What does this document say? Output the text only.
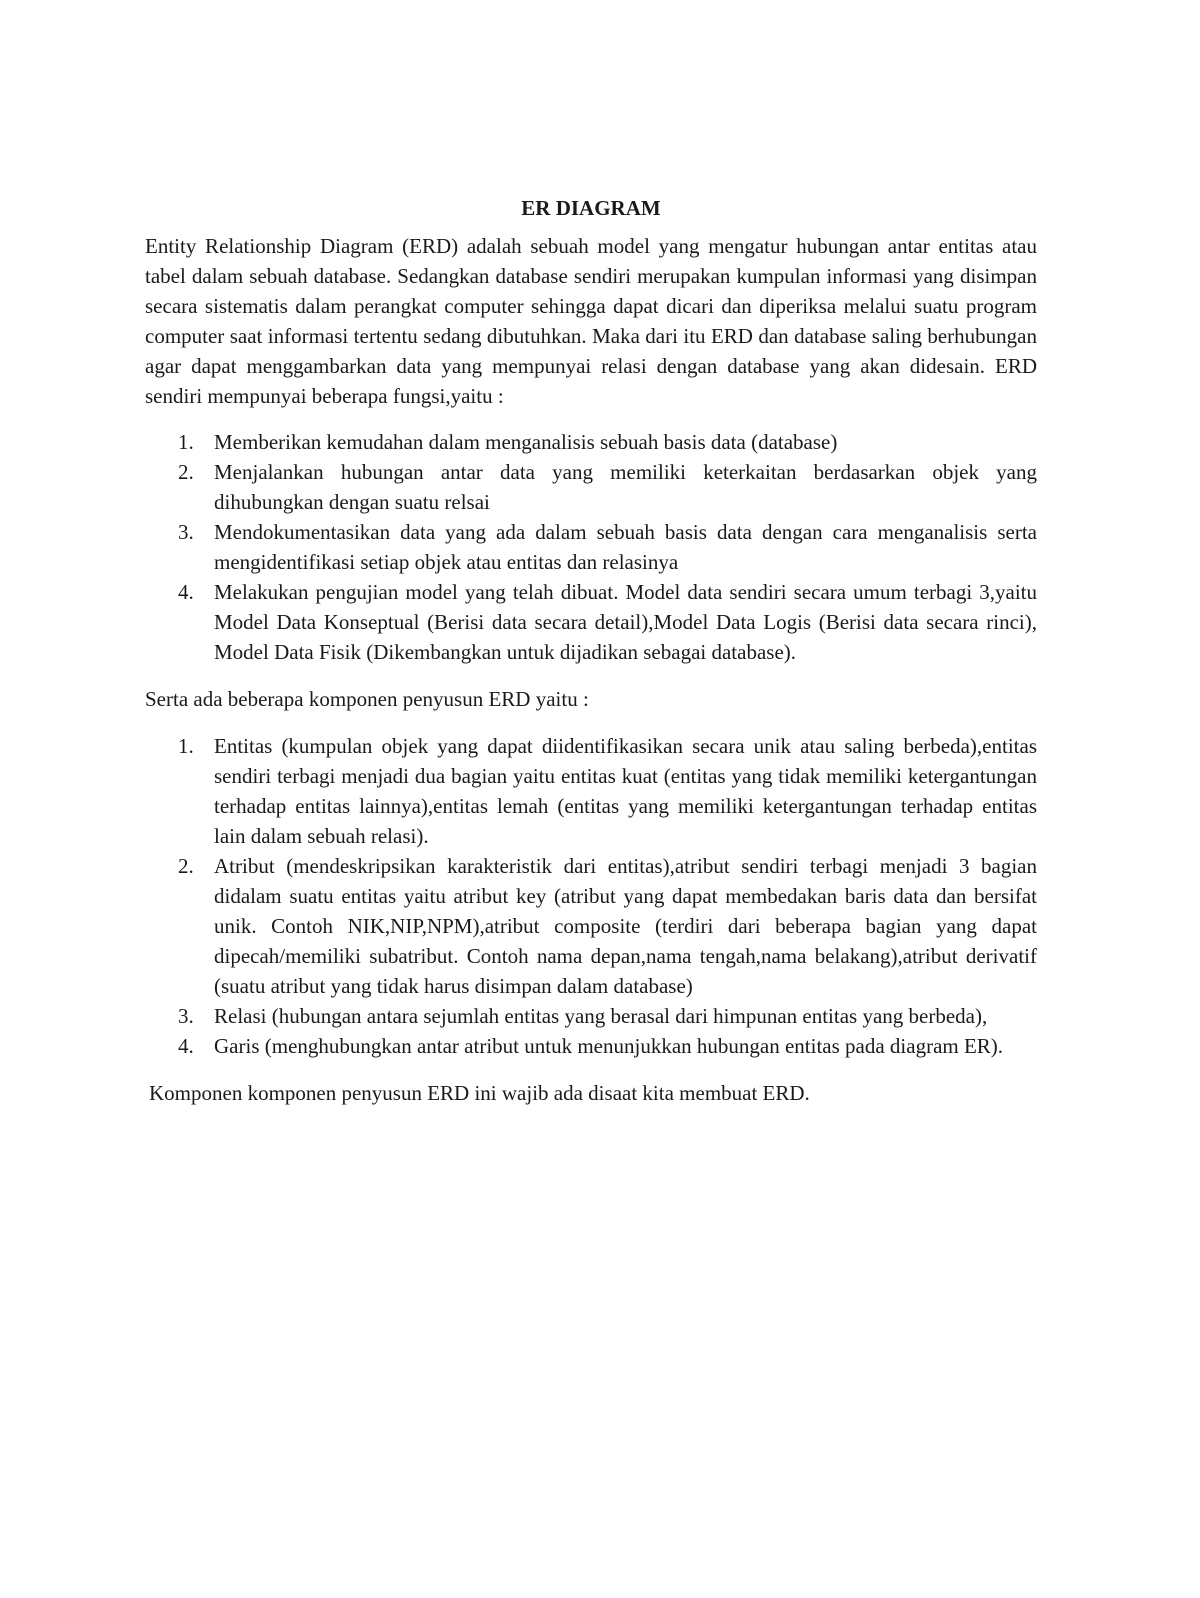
ER DIAGRAM

Entity Relationship Diagram (ERD) adalah sebuah model yang mengatur hubungan antar entitas atau tabel dalam sebuah database. Sedangkan database sendiri merupakan kumpulan informasi yang disimpan secara sistematis dalam perangkat computer sehingga dapat dicari dan diperiksa melalui suatu program computer saat informasi tertentu sedang dibutuhkan. Maka dari itu ERD dan database saling berhubungan agar dapat menggambarkan data yang mempunyai relasi dengan database yang akan didesain. ERD sendiri mempunyai beberapa fungsi,yaitu :

1. Memberikan kemudahan dalam menganalisis sebuah basis data (database)
2. Menjalankan hubungan antar data yang memiliki keterkaitan berdasarkan objek yang dihubungkan dengan suatu relsai
3. Mendokumentasikan data yang ada dalam sebuah basis data dengan cara menganalisis serta mengidentifikasi setiap objek atau entitas dan relasinya
4. Melakukan pengujian model yang telah dibuat. Model data sendiri secara umum terbagi 3,yaitu Model Data Konseptual (Berisi data secara detail),Model Data Logis (Berisi data secara rinci), Model Data Fisik (Dikembangkan untuk dijadikan sebagai database).

Serta ada beberapa komponen penyusun ERD yaitu :

1. Entitas (kumpulan objek yang dapat diidentifikasikan secara unik atau saling berbeda),entitas sendiri terbagi menjadi dua bagian yaitu entitas kuat (entitas yang tidak memiliki ketergantungan terhadap entitas lainnya),entitas lemah (entitas yang memiliki ketergantungan terhadap entitas lain dalam sebuah relasi).
2. Atribut (mendeskripsikan karakteristik dari entitas),atribut sendiri terbagi menjadi 3 bagian didalam suatu entitas yaitu atribut key (atribut yang dapat membedakan baris data dan bersifat unik. Contoh NIK,NIP,NPM),atribut composite (terdiri dari beberapa bagian yang dapat dipecah/memiliki subatribut. Contoh nama depan,nama tengah,nama belakang),atribut derivatif (suatu atribut yang tidak harus disimpan dalam database)
3. Relasi (hubungan antara sejumlah entitas yang berasal dari himpunan entitas yang berbeda),
4. Garis (menghubungkan antar atribut untuk menunjukkan hubungan entitas pada diagram ER).

Komponen komponen penyusun ERD ini wajib ada disaat kita membuat ERD.
